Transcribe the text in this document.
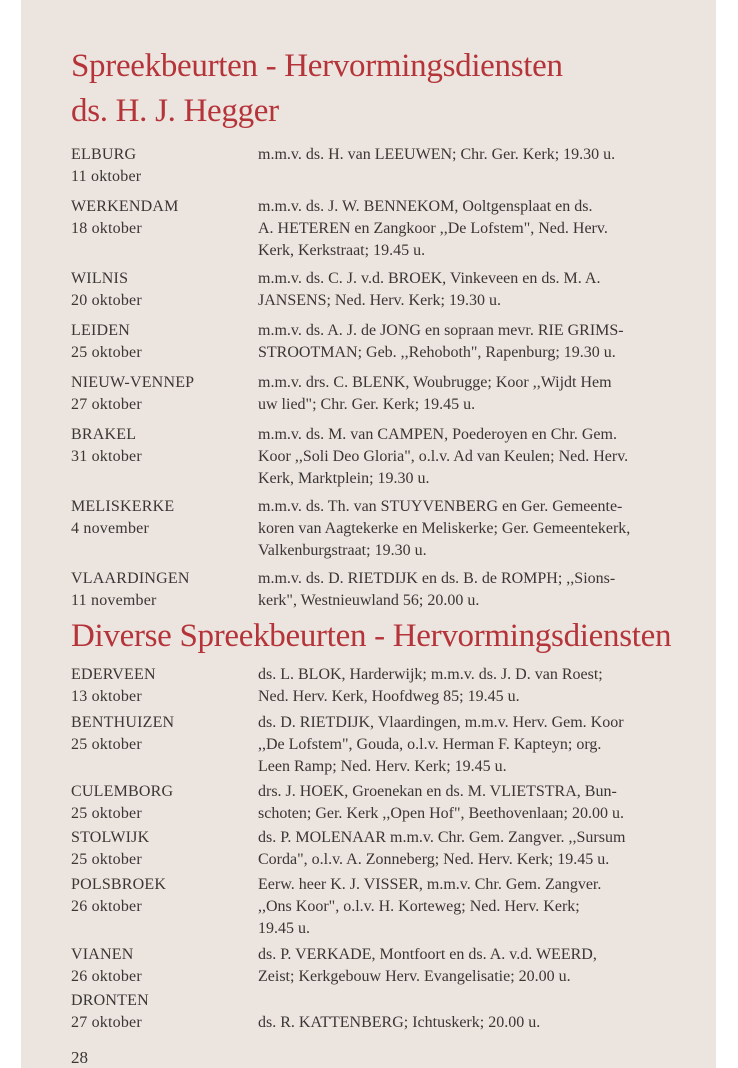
Spreekbeurten - Hervormingsdiensten
ds. H. J. Hegger
ELBURG
11 oktober
m.m.v. ds. H. van LEEUWEN; Chr. Ger. Kerk; 19.30 u.
WERKENDAM
18 oktober
m.m.v. ds. J. W. BENNEKOM, Ooltgensplaat en ds.
A. HETEREN en Zangkoor ,,De Lofstem", Ned. Herv.
Kerk, Kerkstraat; 19.45 u.
WILNIS
20 oktober
m.m.v. ds. C. J. v.d. BROEK, Vinkeveen en ds. M. A.
JANSENS; Ned. Herv. Kerk; 19.30 u.
LEIDEN
25 oktober
m.m.v. ds. A. J. de JONG en sopraan mevr. RIE GRIMS-
STROOTMAN; Geb. ,,Rehoboth", Rapenburg; 19.30 u.
NIEUW-VENNEP
27 oktober
m.m.v. drs. C. BLENK, Woubrugge; Koor ,,Wijdt Hem
uw lied"; Chr. Ger. Kerk; 19.45 u.
BRAKEL
31 oktober
m.m.v. ds. M. van CAMPEN, Poederoyen en Chr. Gem.
Koor ,,Soli Deo Gloria", o.l.v. Ad van Keulen; Ned. Herv.
Kerk, Marktplein; 19.30 u.
MELISKERKE
4 november
m.m.v. ds. Th. van STUYVENBERG en Ger. Gemeente-
koren van Aagtekerke en Meliskerke; Ger. Gemeentekerk,
Valkenburgstraat; 19.30 u.
VLAARDINGEN
11 november
m.m.v. ds. D. RIETDIJK en ds. B. de ROMPH; ,,Sions-
kerk", Westnieuwland 56; 20.00 u.
Diverse Spreekbeurten - Hervormingsdiensten
EDERVEEN
13 oktober
ds. L. BLOK, Harderwijk; m.m.v. ds. J. D. van Roest;
Ned. Herv. Kerk, Hoofdweg 85; 19.45 u.
BENTHUIZEN
25 oktober
ds. D. RIETDIJK, Vlaardingen, m.m.v. Herv. Gem. Koor
,,De Lofstem", Gouda, o.l.v. Herman F. Kapteyn; org.
Leen Ramp; Ned. Herv. Kerk; 19.45 u.
CULEMBORG
25 oktober
drs. J. HOEK, Groenekan en ds. M. VLIETSTRA, Bun-
schoten; Ger. Kerk ,,Open Hof", Beethovenlaan; 20.00 u.
STOLWIJK
25 oktober
ds. P. MOLENAAR m.m.v. Chr. Gem. Zangver. ,,Sursum
Corda", o.l.v. A. Zonneberg; Ned. Herv. Kerk; 19.45 u.
POLSBROEK
26 oktober
Eerw. heer K. J. VISSER, m.m.v. Chr. Gem. Zangver.
,,Ons Koor", o.l.v. H. Korteweg; Ned. Herv. Kerk;
19.45 u.
VIANEN
26 oktober
ds. P. VERKADE, Montfoort en ds. A. v.d. WEERD,
Zeist; Kerkgebouw Herv. Evangelisatie; 20.00 u.
DRONTEN
27 oktober
	ds. R. KATTENBERG; Ichtuskerk; 20.00 u.
28
